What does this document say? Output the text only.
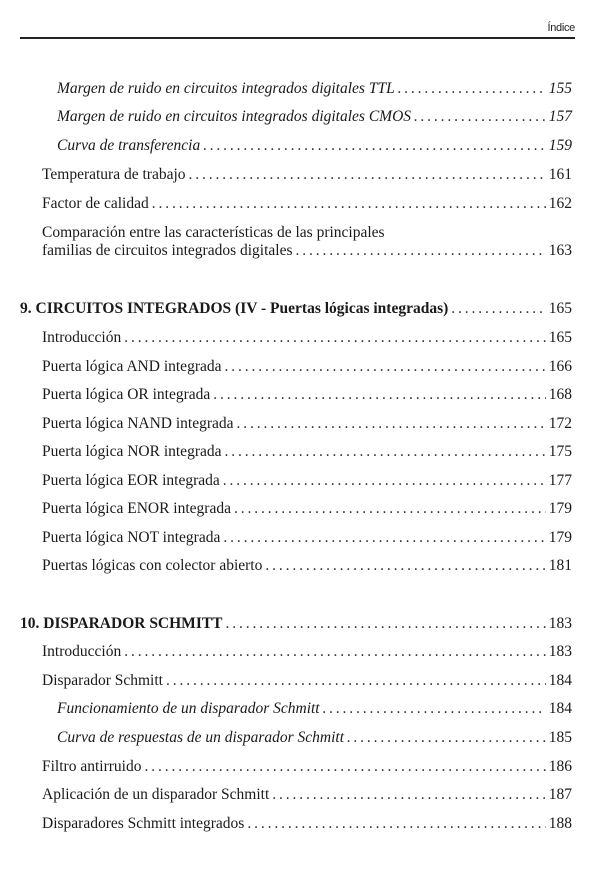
Índice
Margen de ruido en circuitos integrados digitales TTL . . .	155
Margen de ruido en circuitos integrados digitales CMOS . . .	157
Curva de transferencia . . .	159
Temperatura de trabajo . . .	161
Factor de calidad . . .	162
Comparación entre las características de las principales
familias de circuitos integrados digitales . . .	163
9. CIRCUITOS INTEGRADOS (IV - Puertas lógicas integradas) . . .	165
Introducción . . .	165
Puerta lógica AND integrada . . .	166
Puerta lógica OR integrada . . .	168
Puerta lógica NAND integrada . . .	172
Puerta lógica NOR integrada . . .	175
Puerta lógica EOR integrada . . .	177
Puerta lógica ENOR integrada . . .	179
Puerta lógica NOT integrada . . .	179
Puertas lógicas con colector abierto . . .	181
10. DISPARADOR SCHMITT . . .	183
Introducción . . .	183
Disparador Schmitt . . .	184
Funcionamiento de un disparador Schmitt . . .	184
Curva de respuestas de un disparador Schmitt . . .	185
Filtro antirruido . . .	186
Aplicación de un disparador Schmitt . . .	187
Disparadores Schmitt integrados . . .	188
